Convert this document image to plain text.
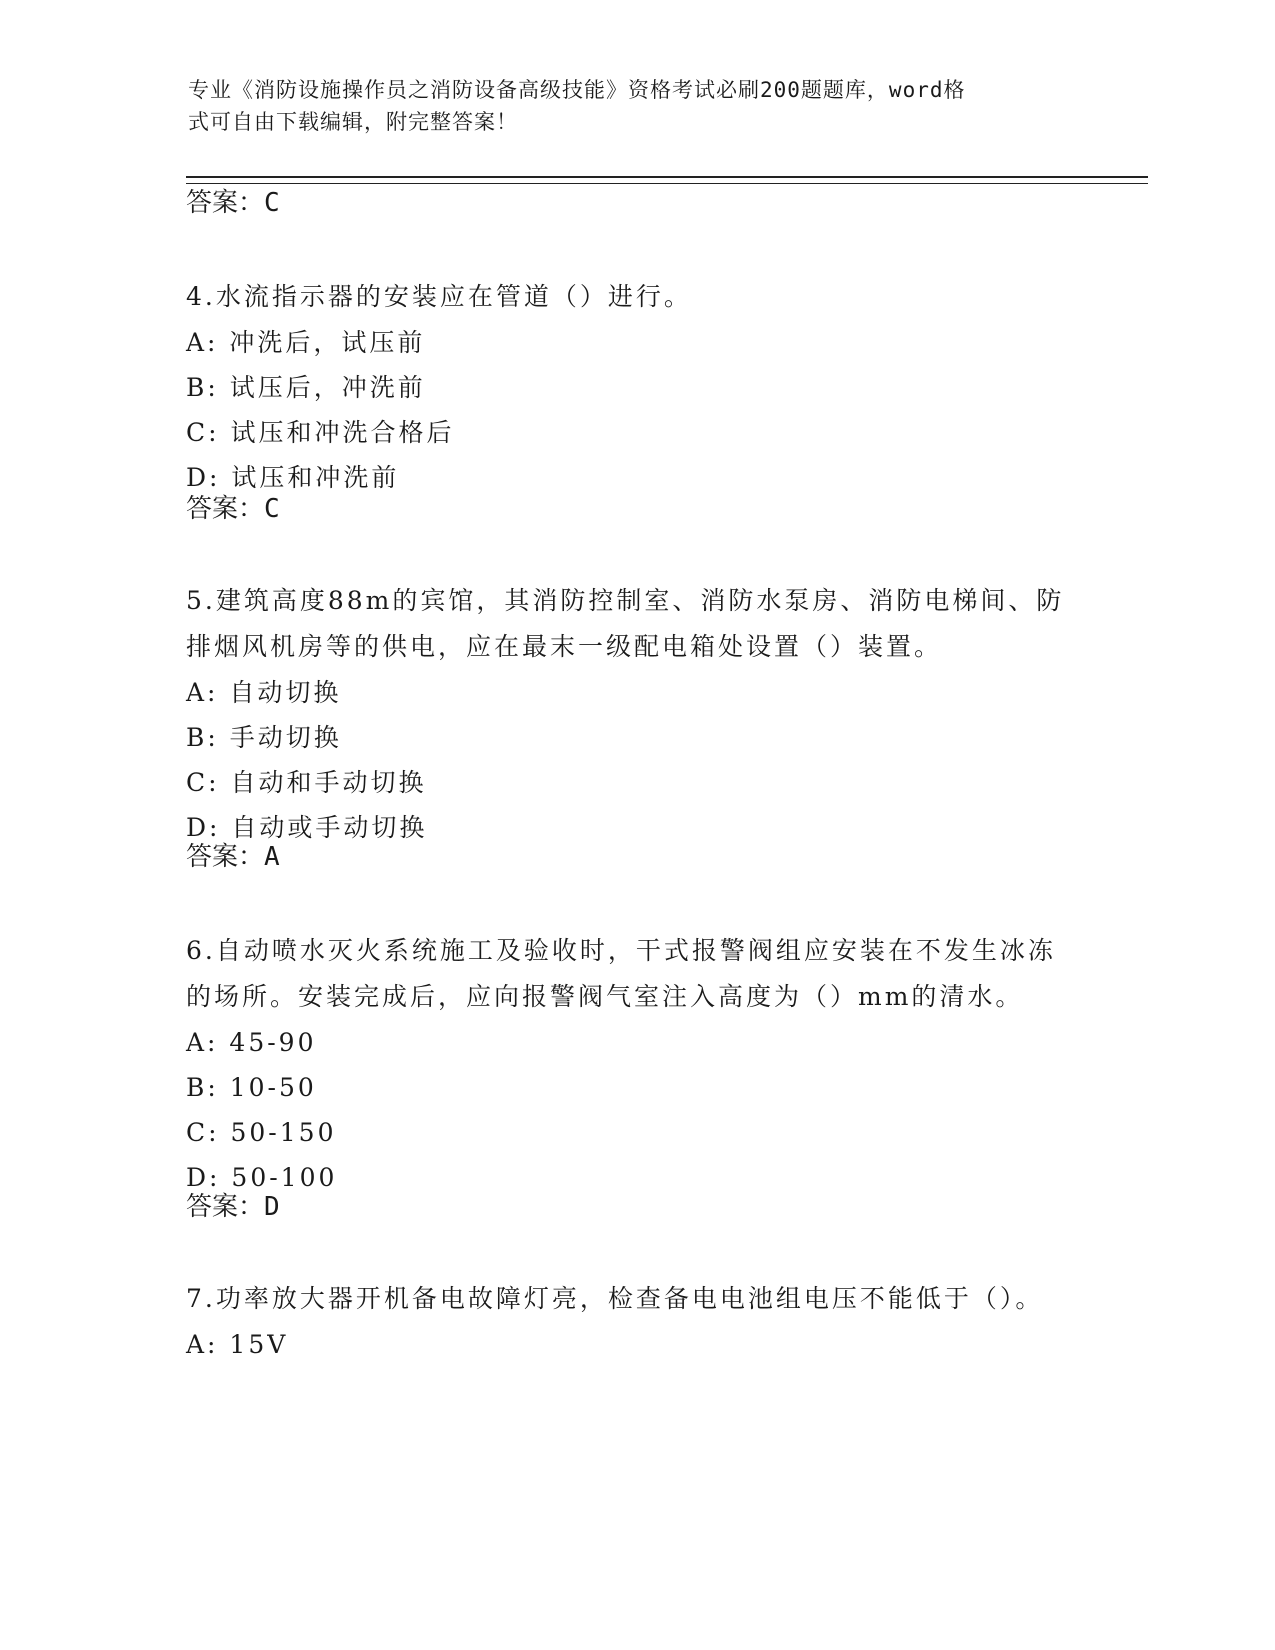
专业《消防设施操作员之消防设备高级技能》资格考试必刷200题题库，word格
式可自由下载编辑，附完整答案！
答案：C

4.水流指示器的安装应在管道（）进行。

A: 冲洗后，试压前
B: 试压后，冲洗前
C: 试压和冲洗合格后
D: 试压和冲洗前
答案：C

5.建筑高度88m的宾馆，其消防控制室、消防水泵房、消防电梯间、防排烟风机房等的供电，应在最末一级配电箱处设置（）装置。

A: 自动切换
B: 手动切换
C: 自动和手动切换
D: 自动或手动切换
答案：A

6.自动喷水灭火系统施工及验收时，干式报警阀组应安装在不发生冰冻的场所。安装完成后，应向报警阀气室注入高度为（）mm的清水。

A: 45-90
B: 10-50
C: 50-150
D: 50-100
答案：D

7.功率放大器开机备电故障灯亮，检查备电电池组电压不能低于（）。

A: 15V
